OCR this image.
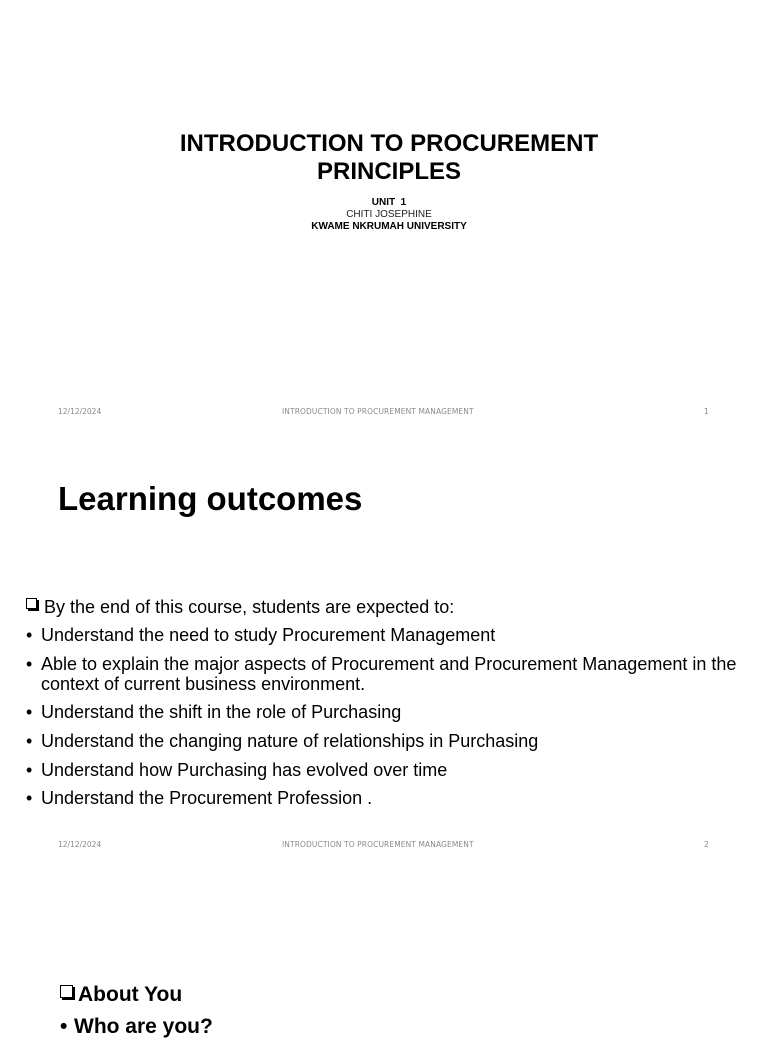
INTRODUCTION TO PROCUREMENT
PRINCIPLES
UNIT  1
CHITI JOSEPHINE
KWAME NKRUMAH UNIVERSITY
12/12/2024	INTRODUCTION TO PROCUREMENT MANAGEMENT	1
Learning outcomes
By the end of this course, students are expected to:
• Understand the need to study Procurement Management
• Able to explain the major aspects of Procurement and Procurement Management in the context of current business environment.
• Understand the shift in the role of Purchasing
• Understand the changing nature of relationships in Purchasing
• Understand how Purchasing has evolved over time
• Understand the Procurement Profession .
12/12/2024	INTRODUCTION TO PROCUREMENT MANAGEMENT	2
About You
• Who are you?
